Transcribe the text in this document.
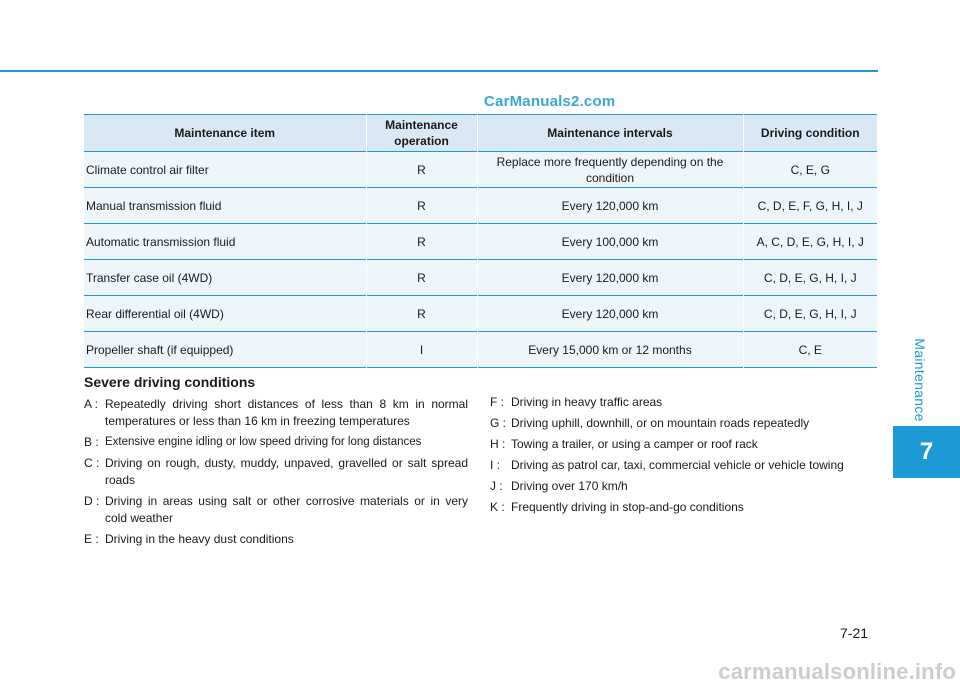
CarManuals2.com
Maintenance
7
Maintenance item	Maintenance operation	Maintenance intervals	Driving condition
Climate control air filter	R	Replace more frequently depending on the condition	C, E, G
Manual transmission fluid	R	Every 120,000 km	C, D, E, F, G, H, I, J
Automatic transmission fluid	R	Every 100,000 km	A, C, D, E, G, H, I, J
Transfer case oil (4WD)	R	Every 120,000 km	C, D, E, G, H, I, J
Rear differential oil (4WD)	R	Every 120,000 km	C, D, E, G, H, I, J
Propeller shaft (if equipped)	I	Every 15,000 km or 12 months	C, E
Severe driving conditions
A : Repeatedly driving short distances of less than 8 km in normal temperatures or less than 16 km in freezing temperatures
B : Extensive engine idling or low speed driving for long distances
C : Driving on rough, dusty, muddy, unpaved, gravelled or salt spread roads
D : Driving in areas using salt or other corrosive materials or in very cold weather
E : Driving in the heavy dust conditions
F : Driving in heavy traffic areas
G : Driving uphill, downhill, or on mountain roads repeatedly
H : Towing a trailer, or using a camper or roof rack
I : Driving as patrol car, taxi, commercial vehicle or vehicle towing
J : Driving over 170 km/h
K : Frequently driving in stop-and-go conditions
7-21
carmanualsonline.info
